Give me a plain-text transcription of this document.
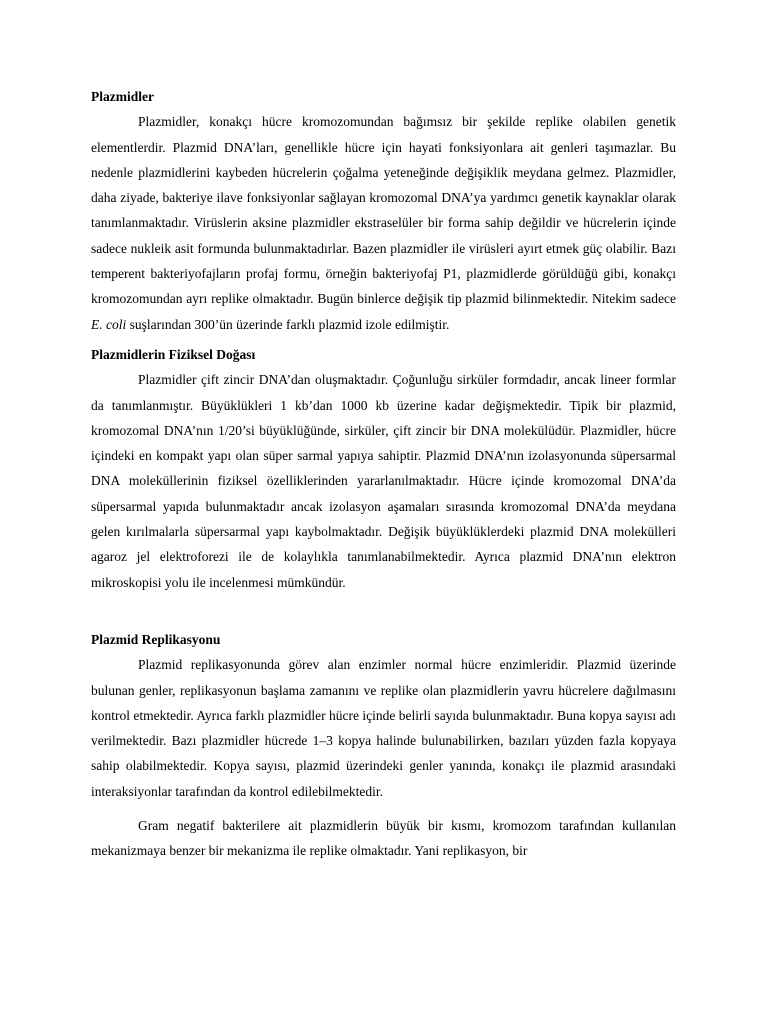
Plazmidler

Plazmidler, konakçı hücre kromozomundan bağımsız bir şekilde replike olabilen genetik elementlerdir. Plazmid DNA’ları, genellikle hücre için hayati fonksiyonlara ait genleri taşımazlar. Bu nedenle plazmidlerini kaybeden hücrelerin çoğalma yeteneğinde değişiklik meydana gelmez. Plazmidler, daha ziyade, bakteriye ilave fonksiyonlar sağlayan kromozomal DNA’ya yardımcı genetik kaynaklar olarak tanımlanmaktadır. Virüslerin aksine plazmidler ekstraselüler bir forma sahip değildir ve hücrelerin içinde sadece nukleik asit formunda bulunmaktadırlar. Bazen plazmidler ile virüsleri ayırt etmek güç olabilir. Bazı temperent bakteriyofajların profaj formu, örneğin bakteriyofaj P1, plazmidlerde görüldüğü gibi, konakçı kromozomundan ayrı replike olmaktadır. Bugün binlerce değişik tip plazmid bilinmektedir. Nitekim sadece E. coli suşlarından 300’ün üzerinde farklı plazmid izole edilmiştir.

Plazmidlerin Fiziksel Doğası

Plazmidler çift zincir DNA’dan oluşmaktadır. Çoğunluğu sirküler formdadır, ancak lineer formlar da tanımlanmıştır. Büyüklükleri 1 kb’dan 1000 kb üzerine kadar değişmektedir. Tipik bir plazmid, kromozomal DNA’nın 1/20’si büyüklüğünde, sirküler, çift zincir bir DNA molekülüdür. Plazmidler, hücre içindeki en kompakt yapı olan süper sarmal yapıya sahiptir. Plazmid DNA’nın izolasyonunda süpersarmal DNA moleküllerinin fiziksel özelliklerinden yararlanılmaktadır. Hücre içinde kromozomal DNA’da süpersarmal yapıda bulunmaktadır ancak izolasyon aşamaları sırasında kromozomal DNA’da meydana gelen kırılmalarla süpersarmal yapı kaybolmaktadır. Değişik büyüklüklerdeki plazmid DNA molekülleri agaroz jel elektroforezi ile de kolaylıkla tanımlanabilmektedir. Ayrıca plazmid DNA’nın elektron mikroskopisi yolu ile incelenmesi mümkündür.

Plazmid Replikasyonu

Plazmid replikasyonunda görev alan enzimler normal hücre enzimleridir. Plazmid üzerinde bulunan genler, replikasyonun başlama zamanını ve replike olan plazmidlerin yavru hücrelere dağılmasını kontrol etmektedir. Ayrıca farklı plazmidler hücre içinde belirli sayıda bulunmaktadır. Buna kopya sayısı adı verilmektedir. Bazı plazmidler hücrede 1–3 kopya halinde bulunabilirken, bazıları yüzden fazla kopyaya sahip olabilmektedir. Kopya sayısı, plazmid üzerindeki genler yanında, konakçı ile plazmid arasındaki interaksiyonlar tarafından da kontrol edilebilmektedir.

Gram negatif bakterilere ait plazmidlerin büyük bir kısmı, kromozom tarafından kullanılan mekanizmaya benzer bir mekanizma ile replike olmaktadır. Yani replikasyon, bir
